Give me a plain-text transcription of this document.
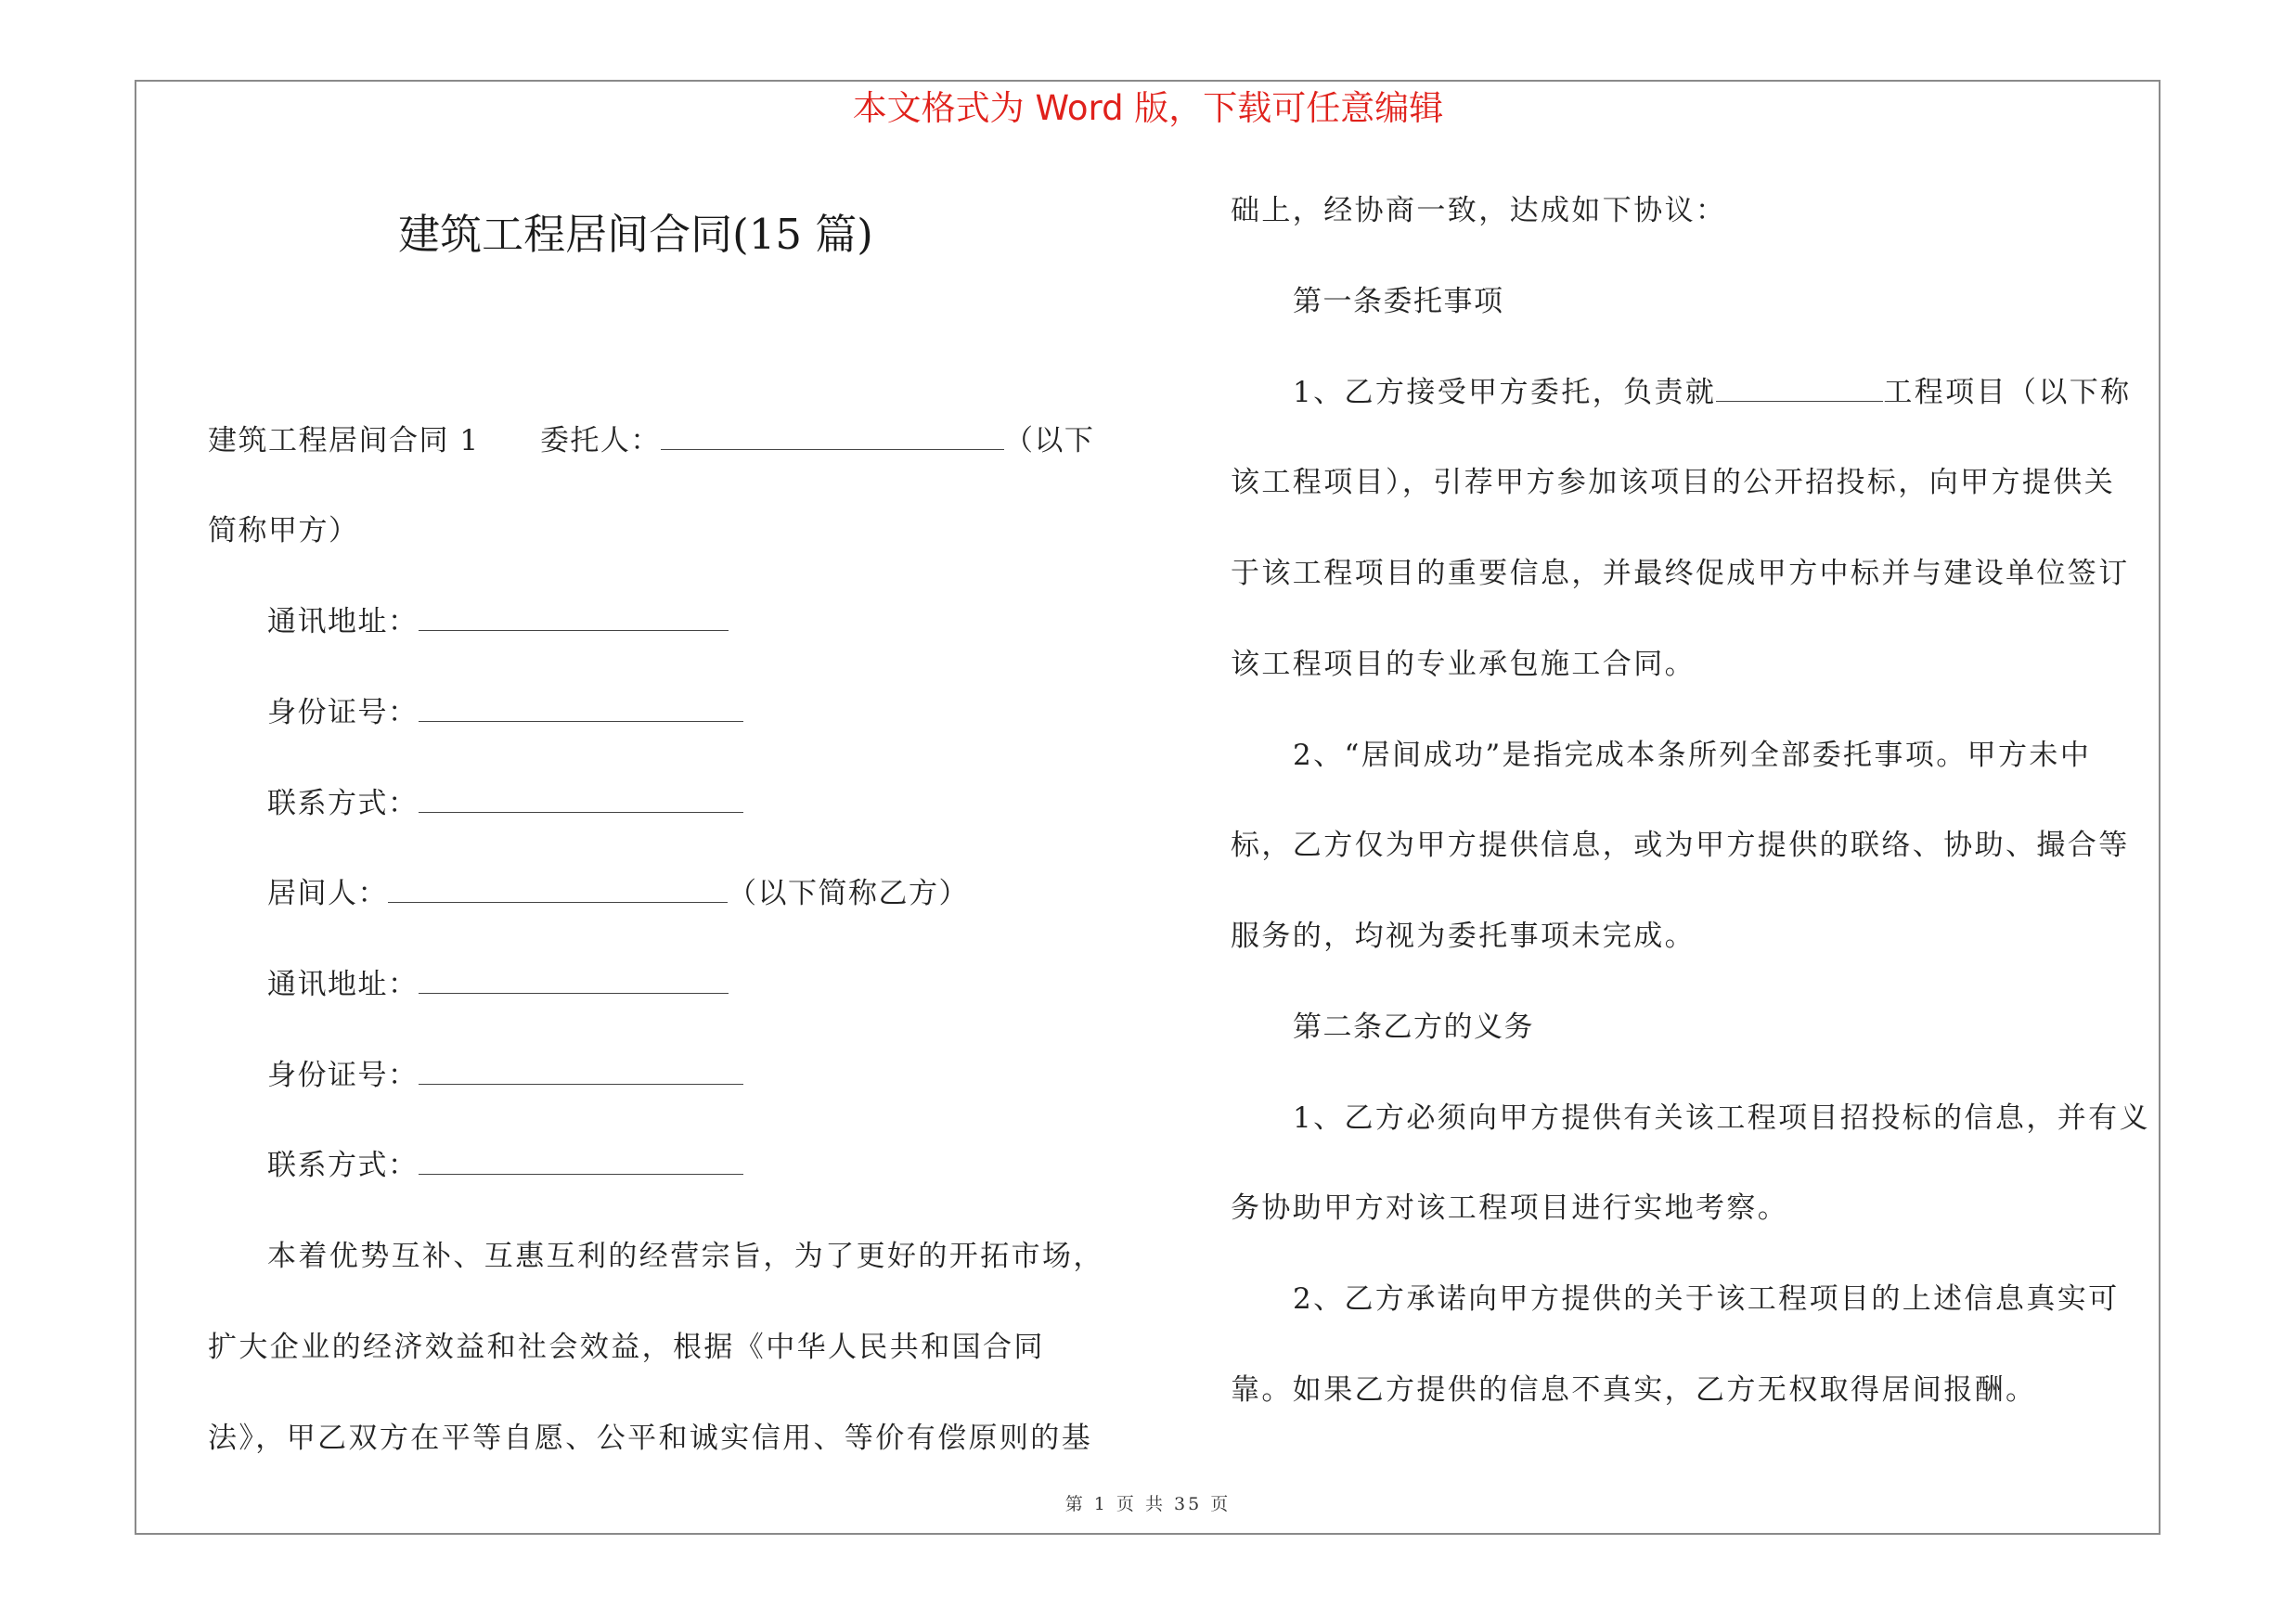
本文格式为 Word 版，下载可任意编辑
建筑工程居间合同(15 篇)
建筑工程居间合同 1 委托人：	（以下
简称甲方）
通讯地址：
身份证号：
联系方式：
居间人：	（以下简称乙方）
通讯地址：
身份证号：
联系方式：
本着优势互补、互惠互利的经营宗旨，为了更好的开拓市场，
扩大企业的经济效益和社会效益，根据《中华人民共和国合同
法》，甲乙双方在平等自愿、公平和诚实信用、等价有偿原则的基
础上，经协商一致，达成如下协议：
第一条委托事项
1、乙方接受甲方委托，负责就	工程项目（以下称
该工程项目），引荐甲方参加该项目的公开招投标，向甲方提供关
于该工程项目的重要信息，并最终促成甲方中标并与建设单位签订
该工程项目的专业承包施工合同。
2、“居间成功”是指完成本条所列全部委托事项。甲方未中
标，乙方仅为甲方提供信息，或为甲方提供的联络、协助、撮合等
服务的，均视为委托事项未完成。
第二条乙方的义务
1、乙方必须向甲方提供有关该工程项目招投标的信息，并有义
务协助甲方对该工程项目进行实地考察。
2、乙方承诺向甲方提供的关于该工程项目的上述信息真实可
靠。如果乙方提供的信息不真实，乙方无权取得居间报酬。
第 1 页 共 35 页
